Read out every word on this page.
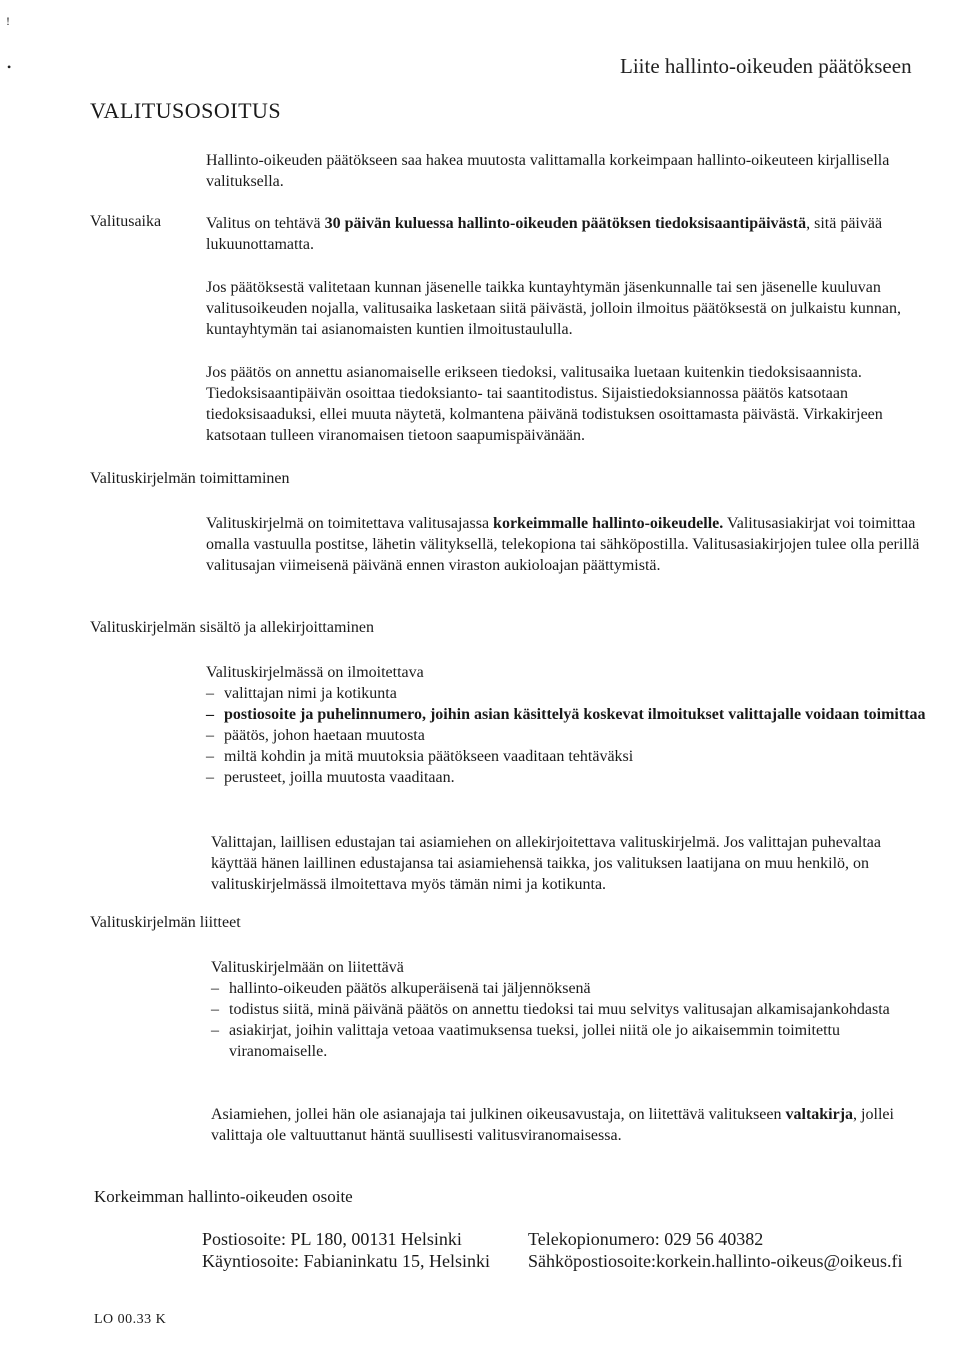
!
•	Liite hallinto-oikeuden päätökseen
VALITUSOSOITUS
Hallinto-oikeuden päätökseen saa hakea muutosta valittamalla korkeimpaan hallinto-oikeuteen kirjallisella valituksella.
Valitusaika	Valitus on tehtävä 30 päivän kuluessa hallinto-oikeuden päätöksen tiedoksisaantipäivästä, sitä päivää lukuunottamatta.
Jos päätöksestä valitetaan kunnan jäsenelle taikka kuntayhtymän jäsenkunnalle tai sen jäsenelle kuuluvan valitusoikeuden nojalla, valitusaika lasketaan siitä päivästä, jolloin ilmoitus päätöksestä on julkaistu kunnan, kuntayhtymän tai asianomaisten kuntien ilmoitustaululla.
Jos päätös on annettu asianomaiselle erikseen tiedoksi, valitusaika luetaan kuitenkin tiedoksisaannista. Tiedoksisaantipäivän osoittaa tiedoksianto- tai saantitodistus. Sijaistiedoksiannossa päätös katsotaan tiedoksisaaduksi, ellei muuta näytetä, kolmantena päivänä todistuksen osoittamasta päivästä. Virkakirjeen katsotaan tulleen viranomaisen tietoon saapumispäivänään.
Valituskirjelmän toimittaminen
Valituskirjelmä on toimitettava valitusajassa korkeimmalle hallinto-oikeudelle. Valitusasiakirjat voi toimittaa omalla vastuulla postitse, lähetin välityksellä, telekopiona tai sähköpostilla. Valitusasiakirjojen tulee olla perillä valitusajan viimeisenä päivänä ennen viraston aukioloajan päättymistä.
Valituskirjelmän sisältö ja allekirjoittaminen
Valituskirjelmässä on ilmoitettava
– valittajan nimi ja kotikunta
– postiosoite ja puhelinnumero, joihin asian käsittelyä koskevat ilmoitukset valittajalle voidaan toimittaa
– päätös, johon haetaan muutosta
– miltä kohdin ja mitä muutoksia päätökseen vaaditaan tehtäväksi
– perusteet, joilla muutosta vaaditaan.
Valittajan, laillisen edustajan tai asiamiehen on allekirjoitettava valituskirjelmä. Jos valittajan puhevaltaa käyttää hänen laillinen edustajansa tai asiamiehensä taikka, jos valituksen laatijana on muu henkilö, on valituskirjelmässä ilmoitettava myös tämän nimi ja kotikunta.
Valituskirjelmän liitteet
Valituskirjelmään on liitettävä
– hallinto-oikeuden päätös alkuperäisenä tai jäljennöksenä
– todistus siitä, minä päivänä päätös on annettu tiedoksi tai muu selvitys valitusajan alkamisajankohdasta
– asiakirjat, joihin valittaja vetoaa vaatimuksensa tueksi, jollei niitä ole jo aikaisemmin toimitettu viranomaiselle.
Asiamiehen, jollei hän ole asianajaja tai julkinen oikeusavustaja, on liitettävä valitukseen valtakirja, jollei valittaja ole valtuuttanut häntä suullisesti valitusviranomaisessa.
Korkeimman hallinto-oikeuden osoite
Postiosoite: PL 180, 00131 Helsinki
Käyntiosoite: Fabianinkatu 15, Helsinki
Telekopionumero: 029 56 40382
Sähköpostiosoite:korkein.hallinto-oikeus@oikeus.fi
LO 00.33 K
